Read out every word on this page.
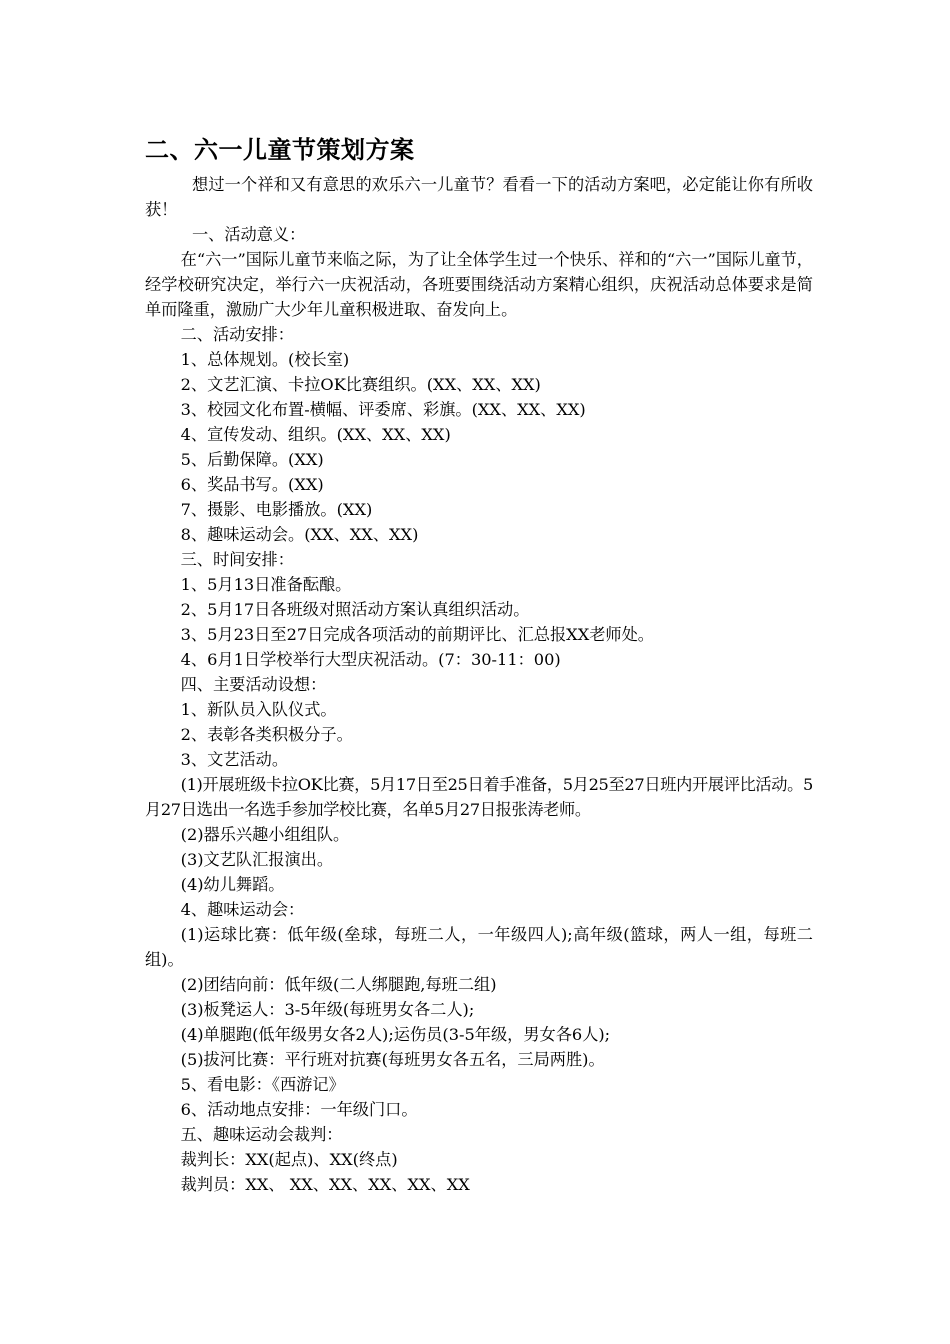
二、六一儿童节策划方案

想过一个祥和又有意思的欢乐六一儿童节？看看一下的活动方案吧，必定能让你有所收获！

一、活动意义：

在“六一”国际儿童节来临之际，为了让全体学生过一个快乐、祥和的“六一”国际儿童节，经学校研究决定，举行六一庆祝活动，各班要围绕活动方案精心组织，庆祝活动总体要求是简单而隆重，激励广大少年儿童积极进取、奋发向上。

二、活动安排：

1、总体规划。(校长室)

2、文艺汇演、卡拉OK比赛组织。(XX、XX、XX)

3、校园文化布置-横幅、评委席、彩旗。(XX、XX、XX)

4、宣传发动、组织。(XX、XX、XX)

5、后勤保障。(XX)

6、奖品书写。(XX)

7、摄影、电影播放。(XX)

8、趣味运动会。(XX、XX、XX)

三、时间安排：

1、5月13日准备酝酿。

2、5月17日各班级对照活动方案认真组织活动。

3、5月23日至27日完成各项活动的前期评比、汇总报XX老师处。

4、6月1日学校举行大型庆祝活动。(7：30-11：00)

四、主要活动设想：

1、新队员入队仪式。

2、表彰各类积极分子。

3、文艺活动。

(1)开展班级卡拉OK比赛，5月17日至25日着手准备，5月25至27日班内开展评比活动。5月27日选出一名选手参加学校比赛，名单5月27日报张涛老师。

(2)器乐兴趣小组组队。

(3)文艺队汇报演出。

(4)幼儿舞蹈。

4、趣味运动会：

(1)运球比赛：低年级(垒球，每班二人，一年级四人);高年级(篮球，两人一组，每班二组)。

(2)团结向前：低年级(二人绑腿跑,每班二组)

(3)板凳运人：3-5年级(每班男女各二人);

(4)单腿跑(低年级男女各2人);运伤员(3-5年级，男女各6人);

(5)拔河比赛：平行班对抗赛(每班男女各五名，三局两胜)。

5、看电影：《西游记》

6、活动地点安排：一年级门口。

五、趣味运动会裁判：

裁判长：XX(起点)、XX(终点)

裁判员：XX、 XX、XX、XX、XX、XX
